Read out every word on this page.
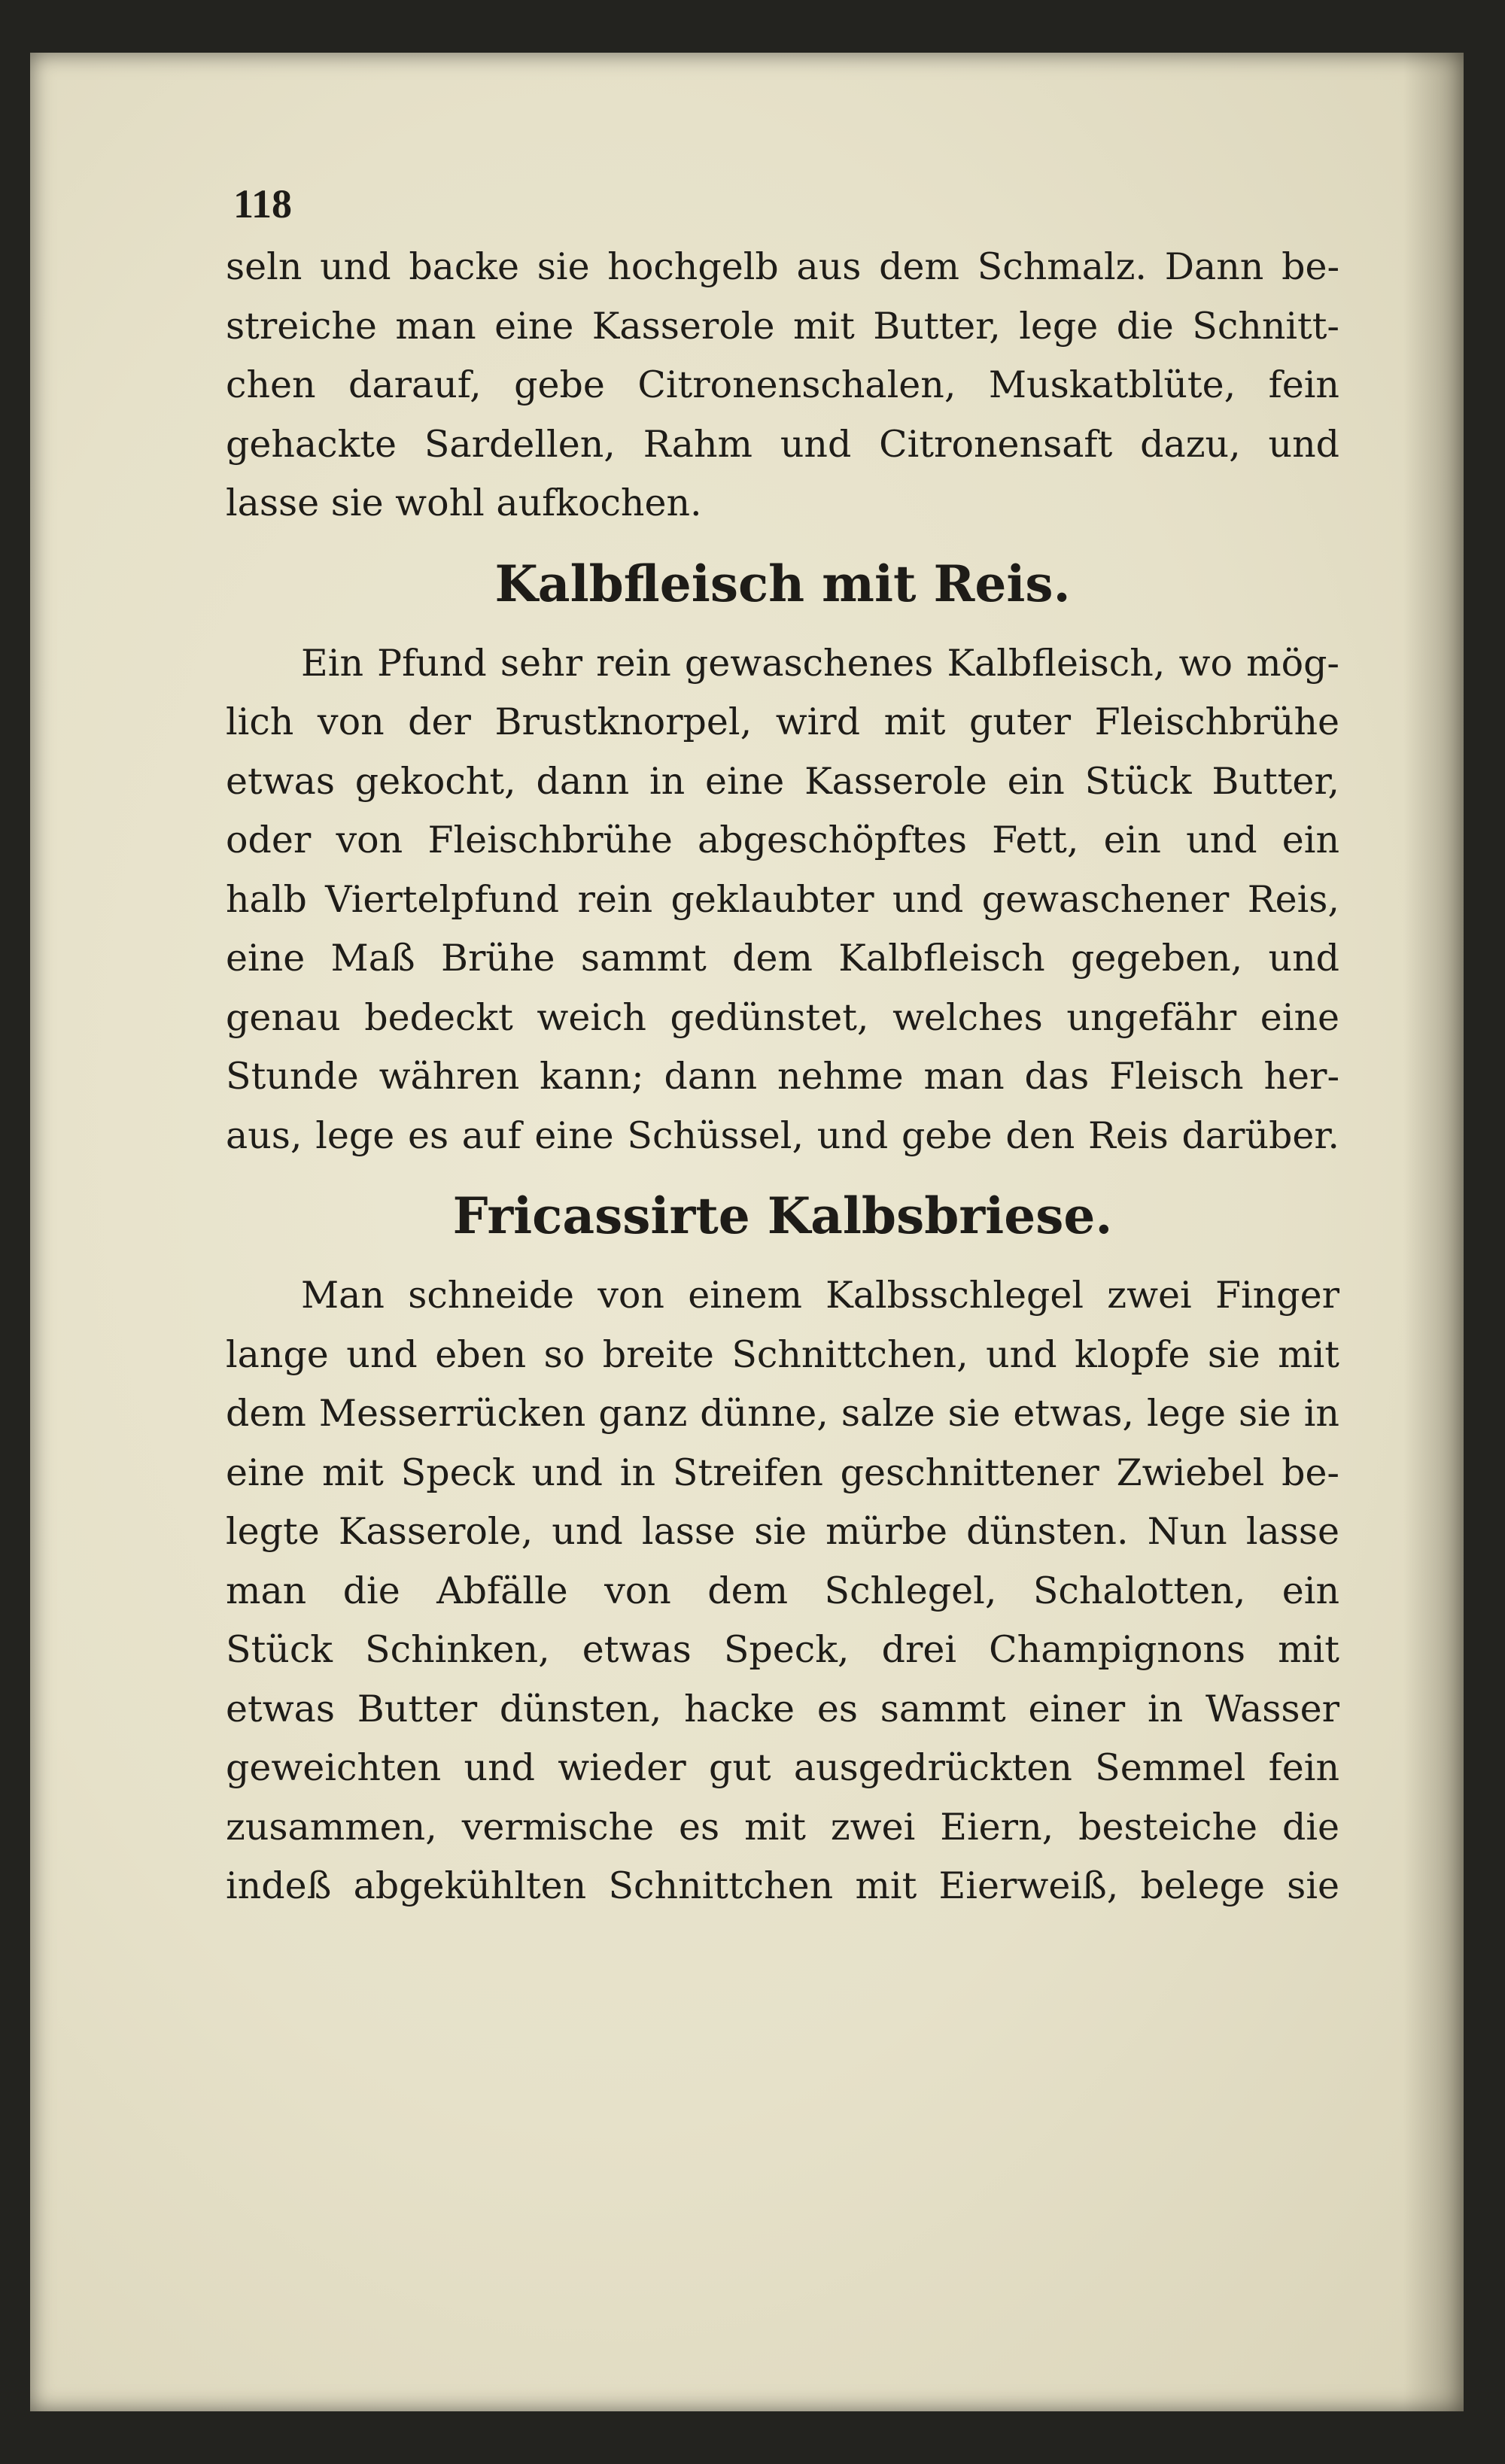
118
seln und backe sie hochgelb aus dem Schmalz. Dann be-
streiche man eine Kasserole mit Butter, lege die Schnitt-
chen darauf, gebe Citronenschalen, Muskatblüte, fein
gehackte Sardellen, Rahm und Citronensaft dazu, und
lasse sie wohl aufkochen.
Kalbfleisch mit Reis.
Ein Pfund sehr rein gewaschenes Kalbfleisch, wo mög-
lich von der Brustknorpel, wird mit guter Fleischbrühe
etwas gekocht, dann in eine Kasserole ein Stück Butter,
oder von Fleischbrühe abgeschöpftes Fett, ein und ein
halb Viertelpfund rein geklaubter und gewaschener Reis,
eine Maß Brühe sammt dem Kalbfleisch gegeben, und
genau bedeckt weich gedünstet, welches ungefähr eine
Stunde währen kann; dann nehme man das Fleisch her-
aus, lege es auf eine Schüssel, und gebe den Reis darüber.
Fricassirte Kalbsbriese.
Man schneide von einem Kalbsschlegel zwei Finger
lange und eben so breite Schnittchen, und klopfe sie mit
dem Messerrücken ganz dünne, salze sie etwas, lege sie in
eine mit Speck und in Streifen geschnittener Zwiebel be-
legte Kasserole, und lasse sie mürbe dünsten. Nun lasse
man die Abfälle von dem Schlegel, Schalotten, ein
Stück Schinken, etwas Speck, drei Champignons mit
etwas Butter dünsten, hacke es sammt einer in Wasser
geweichten und wieder gut ausgedrückten Semmel fein
zusammen, vermische es mit zwei Eiern, besteiche die
indeß abgekühlten Schnittchen mit Eierweiß, belege sie
